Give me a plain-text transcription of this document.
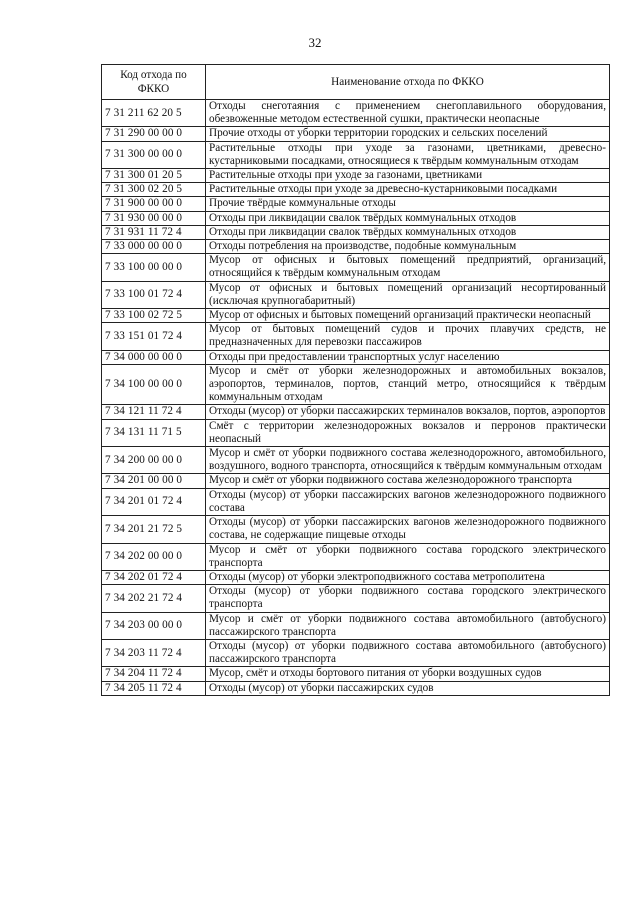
32
Код отхода по ФККО	Наименование отхода по ФККО
7 31 211 62 20 5	Отходы снеготаяния с применением снегоплавильного оборудования, обезвоженные методом естественной сушки, практически неопасные
7 31 290 00 00 0	Прочие отходы от уборки территории городских и сельских поселений
7 31 300 00 00 0	Растительные отходы при уходе за газонами, цветниками, древесно-кустарниковыми посадками, относящиеся к твёрдым коммунальным отходам
7 31 300 01 20 5	Растительные отходы при уходе за газонами, цветниками
7 31 300 02 20 5	Растительные отходы при уходе за древесно-кустарниковыми посадками
7 31 900 00 00 0	Прочие твёрдые коммунальные отходы
7 31 930 00 00 0	Отходы при ликвидации свалок твёрдых коммунальных отходов
7 31 931 11 72 4	Отходы при ликвидации свалок твёрдых коммунальных отходов
7 33 000 00 00 0	Отходы потребления на производстве, подобные коммунальным
7 33 100 00 00 0	Мусор от офисных и бытовых помещений предприятий, организаций, относящийся к твёрдым коммунальным отходам
7 33 100 01 72 4	Мусор от офисных и бытовых помещений организаций несортированный (исключая крупногабаритный)
7 33 100 02 72 5	Мусор от офисных и бытовых помещений организаций практически неопасный
7 33 151 01 72 4	Мусор от бытовых помещений судов и прочих плавучих средств, не предназначенных для перевозки пассажиров
7 34 000 00 00 0	Отходы при предоставлении транспортных услуг населению
7 34 100 00 00 0	Мусор и смёт от уборки железнодорожных и автомобильных вокзалов, аэропортов, терминалов, портов, станций метро, относящийся к твёрдым коммунальным отходам
7 34 121 11 72 4	Отходы (мусор) от уборки пассажирских терминалов вокзалов, портов, аэропортов
7 34 131 11 71 5	Смёт с территории железнодорожных вокзалов и перронов практически неопасный
7 34 200 00 00 0	Мусор и смёт от уборки подвижного состава железнодорожного, автомобильного, воздушного, водного транспорта, относящийся к твёрдым коммунальным отходам
7 34 201 00 00 0	Мусор и смёт от уборки подвижного состава железнодорожного транспорта
7 34 201 01 72 4	Отходы (мусор) от уборки пассажирских вагонов железнодорожного подвижного состава
7 34 201 21 72 5	Отходы (мусор) от уборки пассажирских вагонов железнодорожного подвижного состава, не содержащие пищевые отходы
7 34 202 00 00 0	Мусор и смёт от уборки подвижного состава городского электрического транспорта
7 34 202 01 72 4	Отходы (мусор) от уборки электроподвижного состава метрополитена
7 34 202 21 72 4	Отходы (мусор) от уборки подвижного состава городского электрического транспорта
7 34 203 00 00 0	Мусор и смёт от уборки подвижного состава автомобильного (автобусного) пассажирского транспорта
7 34 203 11 72 4	Отходы (мусор) от уборки подвижного состава автомобильного (автобусного) пассажирского транспорта
7 34 204 11 72 4	Мусор, смёт и отходы бортового питания от уборки воздушных судов
7 34 205 11 72 4	Отходы (мусор) от уборки пассажирских судов
